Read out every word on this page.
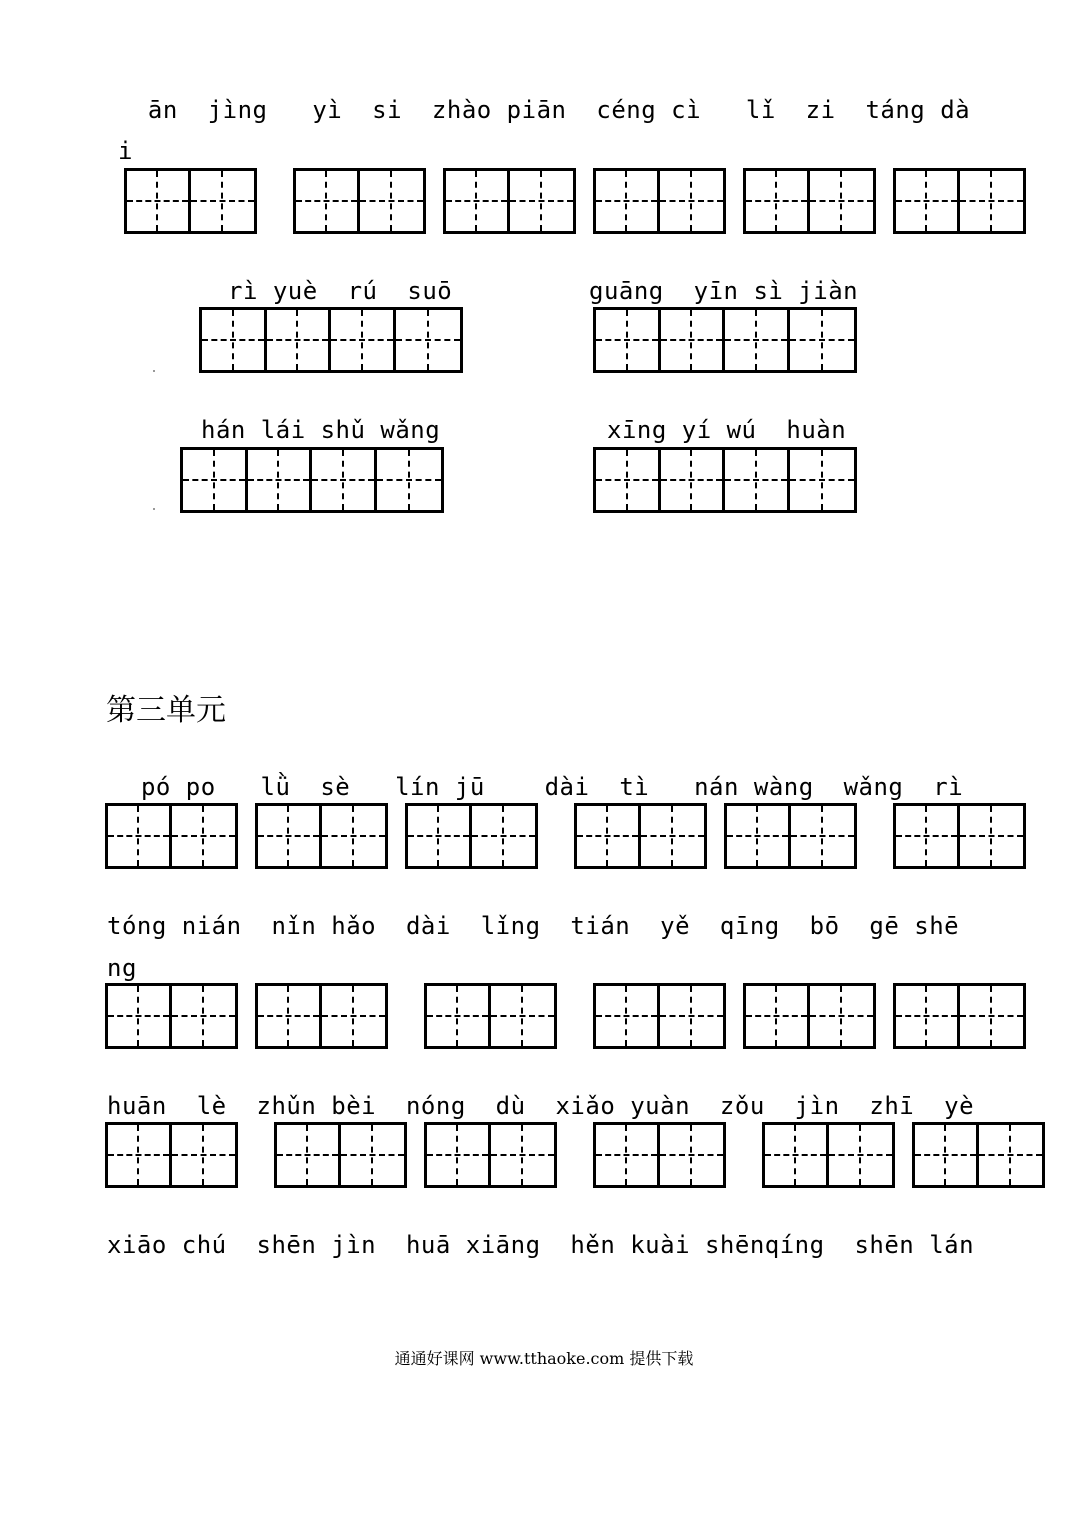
ān  jìng   yì  si  zhào piān  céng cì   lǐ  zi  táng dà
i
rì yuè  rú  suō	guāng  yīn sì jiàn
hán lái shǔ wǎng	xīng yí wú  huàn
第三单元
pó po   lǜ  sè   lín jū    dài  tì   nán wàng  wǎng  rì
tóng nián  nǐn hǎo  dài  lǐng  tián  yě  qīng  bō  gē shē
ng
huān  lè  zhǔn bèi  nóng  dù  xiǎo yuàn  zǒu  jìn  zhī  yè
xiāo chú  shēn jìn  huā xiāng  hěn kuài shēnqíng  shēn lán
通通好课网 www.tthaoke.com 提供下载
